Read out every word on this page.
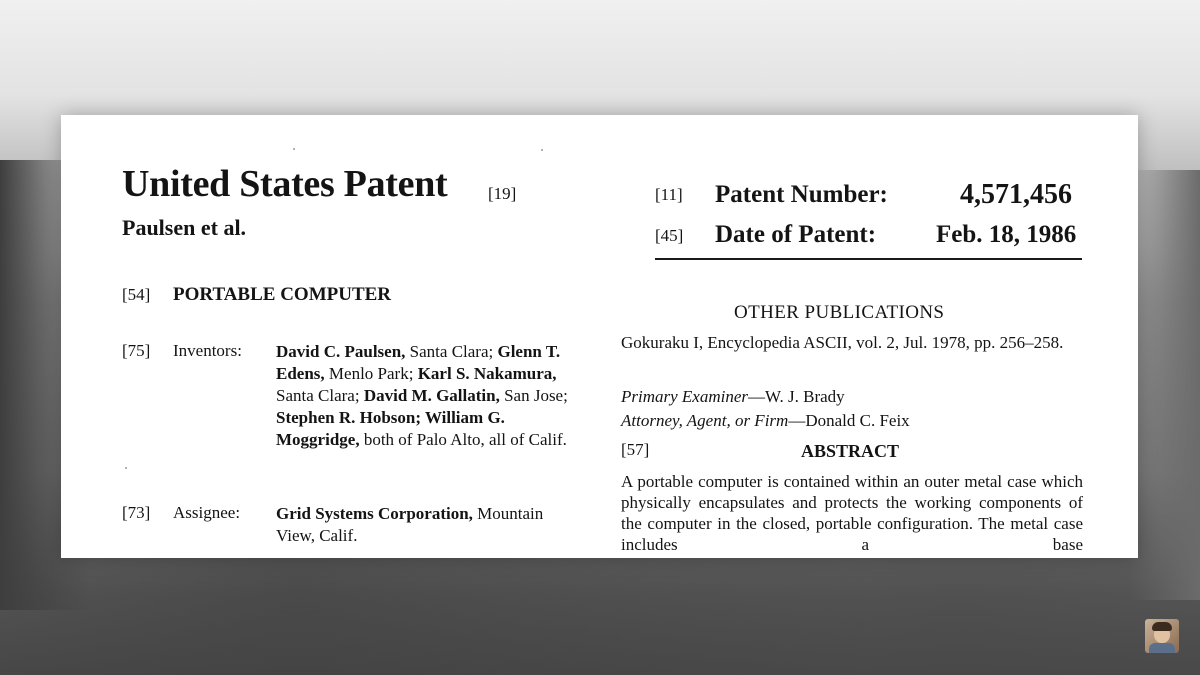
United States Patent [19]
Paulsen et al.
[11] Patent Number:	4,571,456
[45] Date of Patent: Feb. 18, 1986
[54] PORTABLE COMPUTER
[75] Inventors: David C. Paulsen, Santa Clara; Glenn T. Edens, Menlo Park; Karl S. Nakamura, Santa Clara; David M. Gallatin, San Jose; Stephen R. Hobson; William G. Moggridge, both of Palo Alto, all of Calif.
[73] Assignee: Grid Systems Corporation, Mountain View, Calif.
OTHER PUBLICATIONS
Gokuraku I, Encyclopedia ASCII, vol. 2, Jul. 1978, pp. 256–258.
Primary Examiner—W. J. Brady
Attorney, Agent, or Firm—Donald C. Feix
[57]	ABSTRACT
A portable computer is contained within an outer metal case which physically encapsulates and protects the working components of the computer in the closed, portable configuration. The metal case includes a base
